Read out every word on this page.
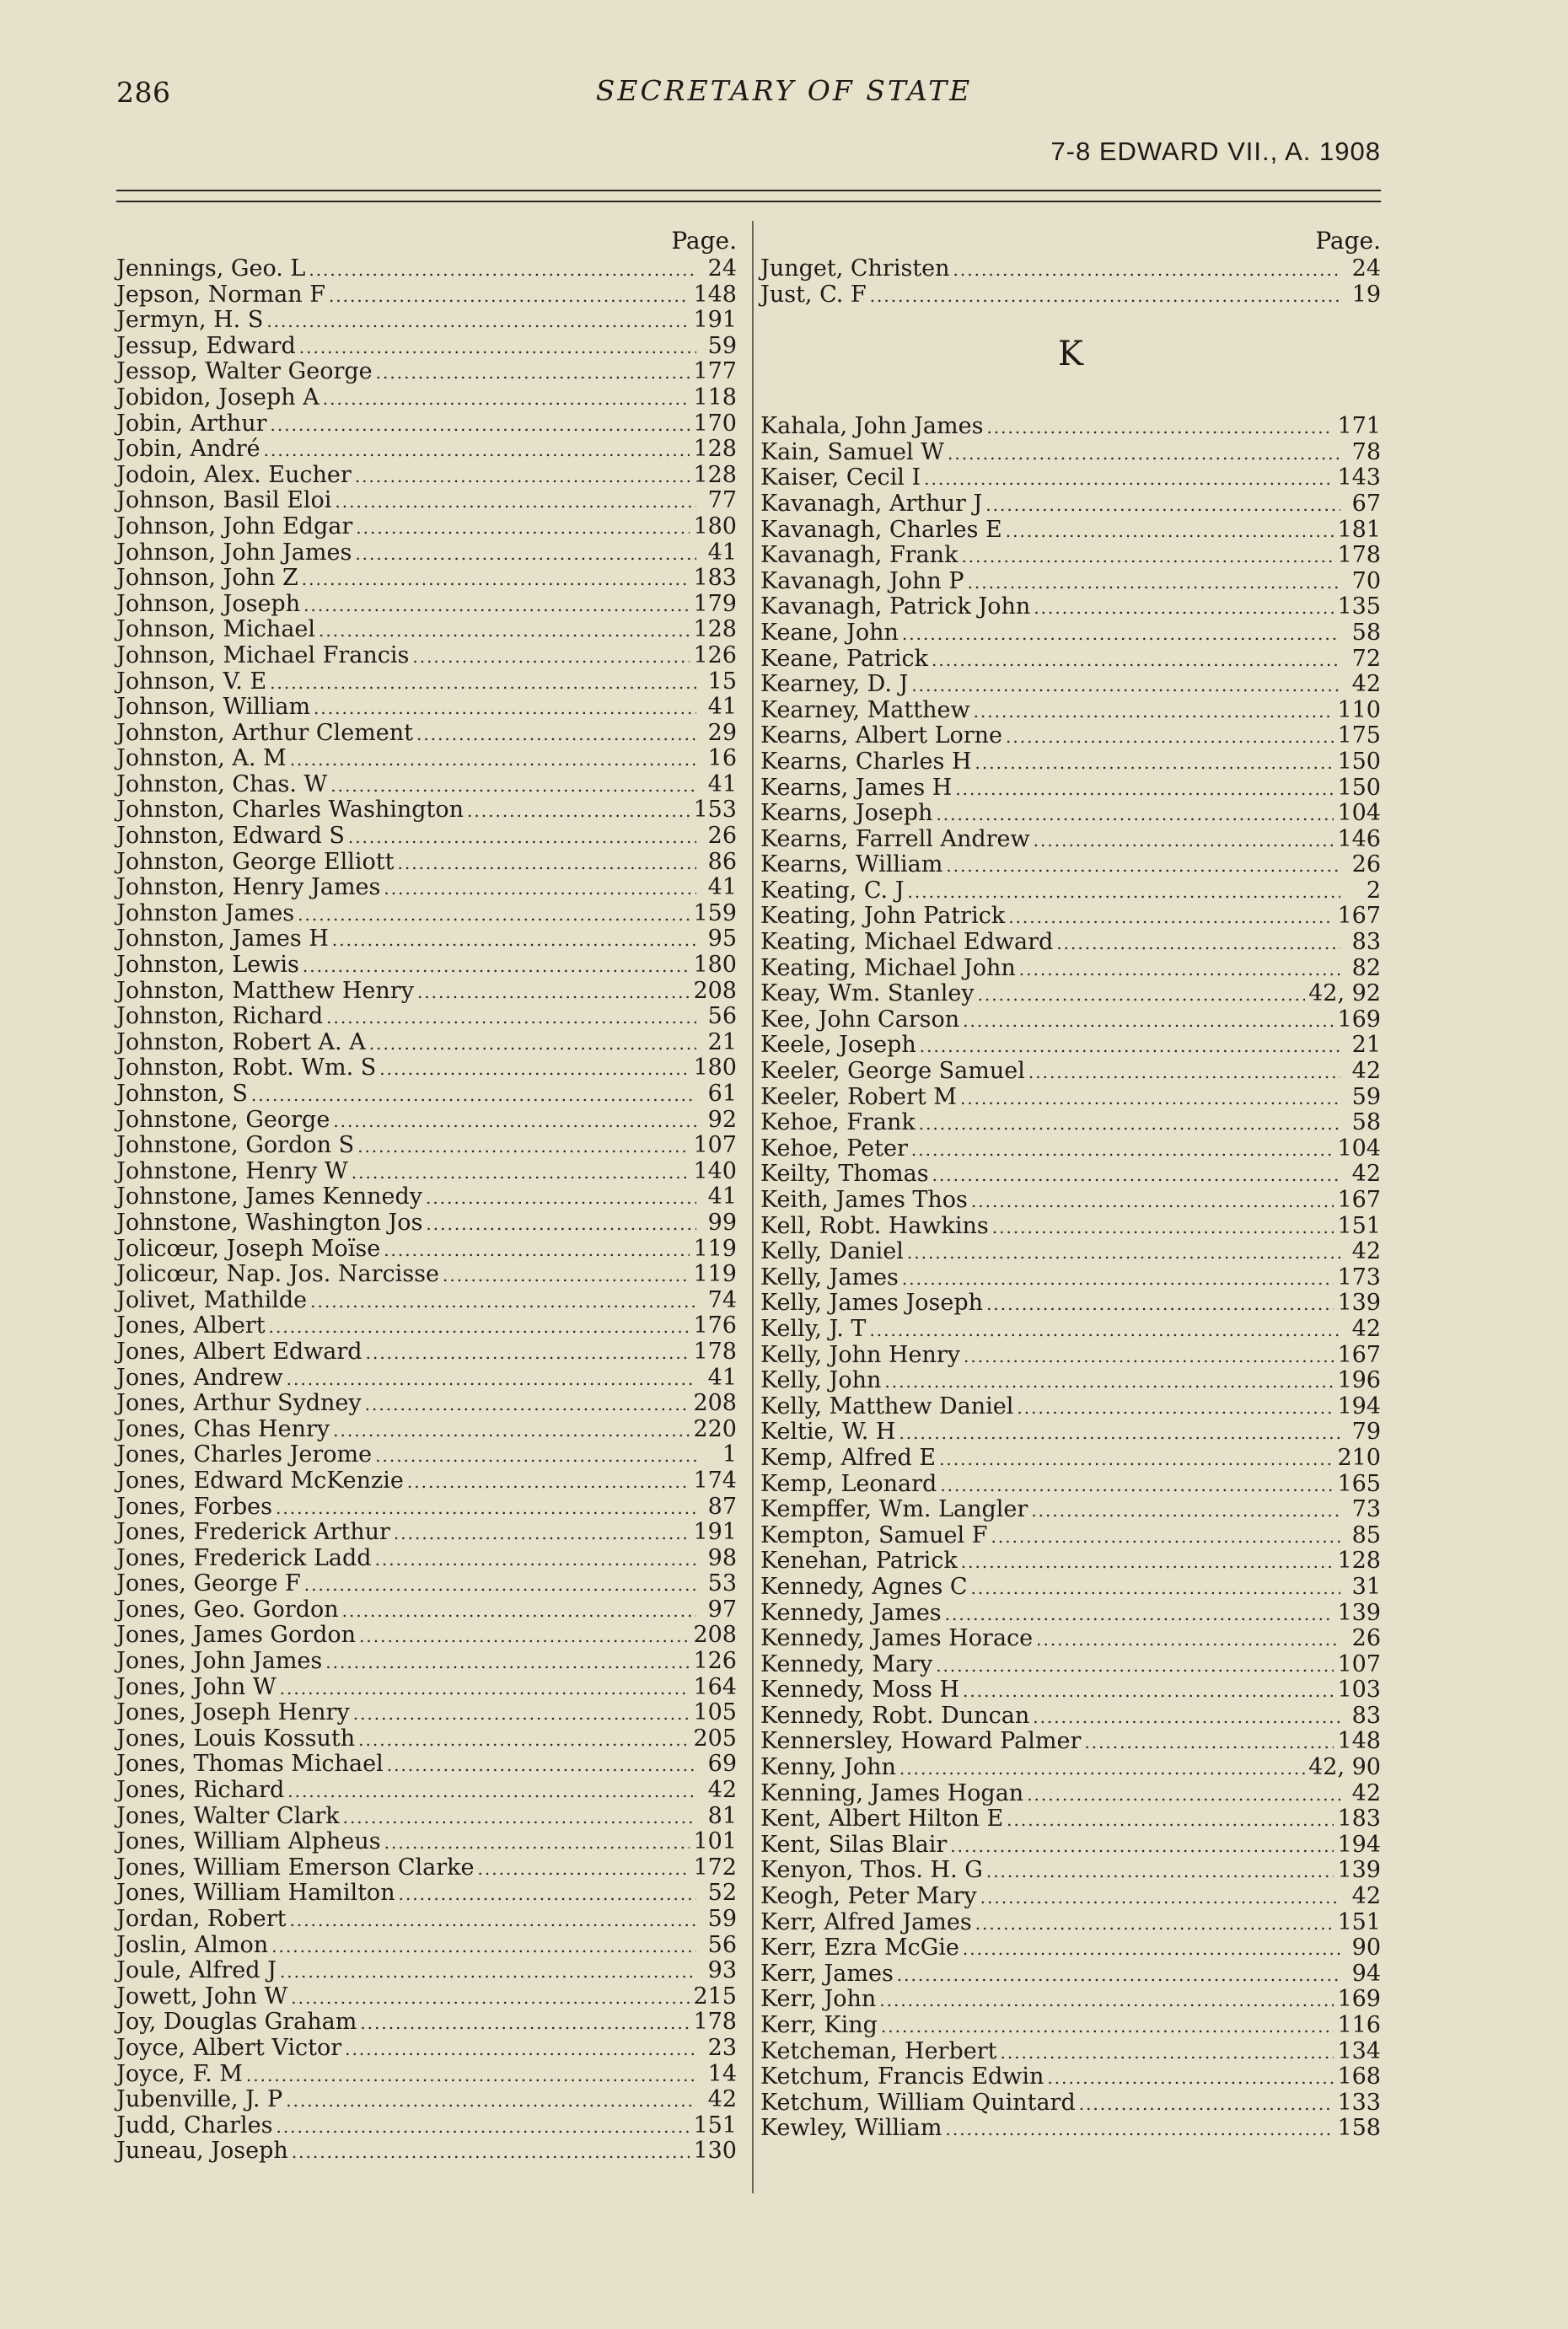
286	SECRETARY OF STATE
7-8 EDWARD VII., A. 1908
Page.
Jennings, Geo. L .....	24
Jepson, Norman F .....	148
Jermyn, H. S .....	191
Jessup, Edward .....	59
Jessop, Walter George .....	177
Jobidon, Joseph A .....	118
Jobin, Arthur .....	170
Jobin, André .....	128
Jodoin, Alex. Eucher .....	128
Johnson, Basil Eloi .....	77
Johnson, John Edgar .....	180
Johnson, John James .....	41
Johnson, John Z .....	183
Johnson, Joseph .....	179
Johnson, Michael .....	128
Johnson, Michael Francis .....	126
Johnson, V. E .....	15
Johnson, William .....	41
Johnston, Arthur Clement .....	29
Johnston, A. M .....	16
Johnston, Chas. W .....	41
Johnston, Charles Washington .....	153
Johnston, Edward S .....	26
Johnston, George Elliott .....	86
Johnston, Henry James .....	41
Johnston James .....	159
Johnston, James H .....	95
Johnston, Lewis .....	180
Johnston, Matthew Henry .....	208
Johnston, Richard .....	56
Johnston, Robert A. A .....	21
Johnston, Robt. Wm. S .....	180
Johnston, S .....	61
Johnstone, George .....	92
Johnstone, Gordon S .....	107
Johnstone, Henry W .....	140
Johnstone, James Kennedy .....	41
Johnstone, Washington Jos .....	99
Jolicœur, Joseph Moïse .....	119
Jolicœur, Nap. Jos. Narcisse .....	119
Jolivet, Mathilde .....	74
Jones, Albert .....	176
Jones, Albert Edward .....	178
Jones, Andrew .....	41
Jones, Arthur Sydney .....	208
Jones, Chas Henry .....	220
Jones, Charles Jerome .....	1
Jones, Edward McKenzie .....	174
Jones, Forbes .....	87
Jones, Frederick Arthur .....	191
Jones, Frederick Ladd .....	98
Jones, George F .....	53
Jones, Geo. Gordon .....	97
Jones, James Gordon .....	208
Jones, John James .....	126
Jones, John W .....	164
Jones, Joseph Henry .....	105
Jones, Louis Kossuth .....	205
Jones, Thomas Michael .....	69
Jones, Richard .....	42
Jones, Walter Clark .....	81
Jones, William Alpheus .....	101
Jones, William Emerson Clarke .....	172
Jones, William Hamilton .....	52
Jordan, Robert .....	59
Joslin, Almon .....	56
Joule, Alfred J .....	93
Jowett, John W .....	215
Joy, Douglas Graham .....	178
Joyce, Albert Victor .....	23
Joyce, F. M .....	14
Jubenville, J. P .....	42
Judd, Charles .....	151
Juneau, Joseph .....	130
Page.
Junget, Christen .....	24
Just, C. F .....	19
K
Kahala, John James .....	171
Kain, Samuel W .....	78
Kaiser, Cecil I .....	143
Kavanagh, Arthur J .....	67
Kavanagh, Charles E .....	181
Kavanagh, Frank .....	178
Kavanagh, John P .....	70
Kavanagh, Patrick John .....	135
Keane, John .....	58
Keane, Patrick .....	72
Kearney, D. J .....	42
Kearney, Matthew .....	110
Kearns, Albert Lorne .....	175
Kearns, Charles H .....	150
Kearns, James H .....	150
Kearns, Joseph .....	104
Kearns, Farrell Andrew .....	146
Kearns, William .....	26
Keating, C. J .....	2
Keating, John Patrick .....	167
Keating, Michael Edward .....	83
Keating, Michael John .....	82
Keay, Wm. Stanley .....	42, 92
Kee, John Carson .....	169
Keele, Joseph .....	21
Keeler, George Samuel .....	42
Keeler, Robert M .....	59
Kehoe, Frank .....	58
Kehoe, Peter .....	104
Keilty, Thomas .....	42
Keith, James Thos .....	167
Kell, Robt. Hawkins .....	151
Kelly, Daniel .....	42
Kelly, James .....	173
Kelly, James Joseph .....	139
Kelly, J. T .....	42
Kelly, John Henry .....	167
Kelly, John .....	196
Kelly, Matthew Daniel .....	194
Keltie, W. H .....	79
Kemp, Alfred E .....	210
Kemp, Leonard .....	165
Kempffer, Wm. Langler .....	73
Kempton, Samuel F .....	85
Kenehan, Patrick .....	128
Kennedy, Agnes C .....	31
Kennedy, James .....	139
Kennedy, James Horace .....	26
Kennedy, Mary .....	107
Kennedy, Moss H .....	103
Kennedy, Robt. Duncan .....	83
Kennersley, Howard Palmer .....	148
Kenny, John .....	42, 90
Kenning, James Hogan .....	42
Kent, Albert Hilton E .....	183
Kent, Silas Blair .....	194
Kenyon, Thos. H. G .....	139
Keogh, Peter Mary .....	42
Kerr, Alfred James .....	151
Kerr, Ezra McGie .....	90
Kerr, James .....	94
Kerr, John .....	169
Kerr, King .....	116
Ketcheman, Herbert .....	134
Ketchum, Francis Edwin .....	168
Ketchum, William Quintard .....	133
Kewley, William .....	158
